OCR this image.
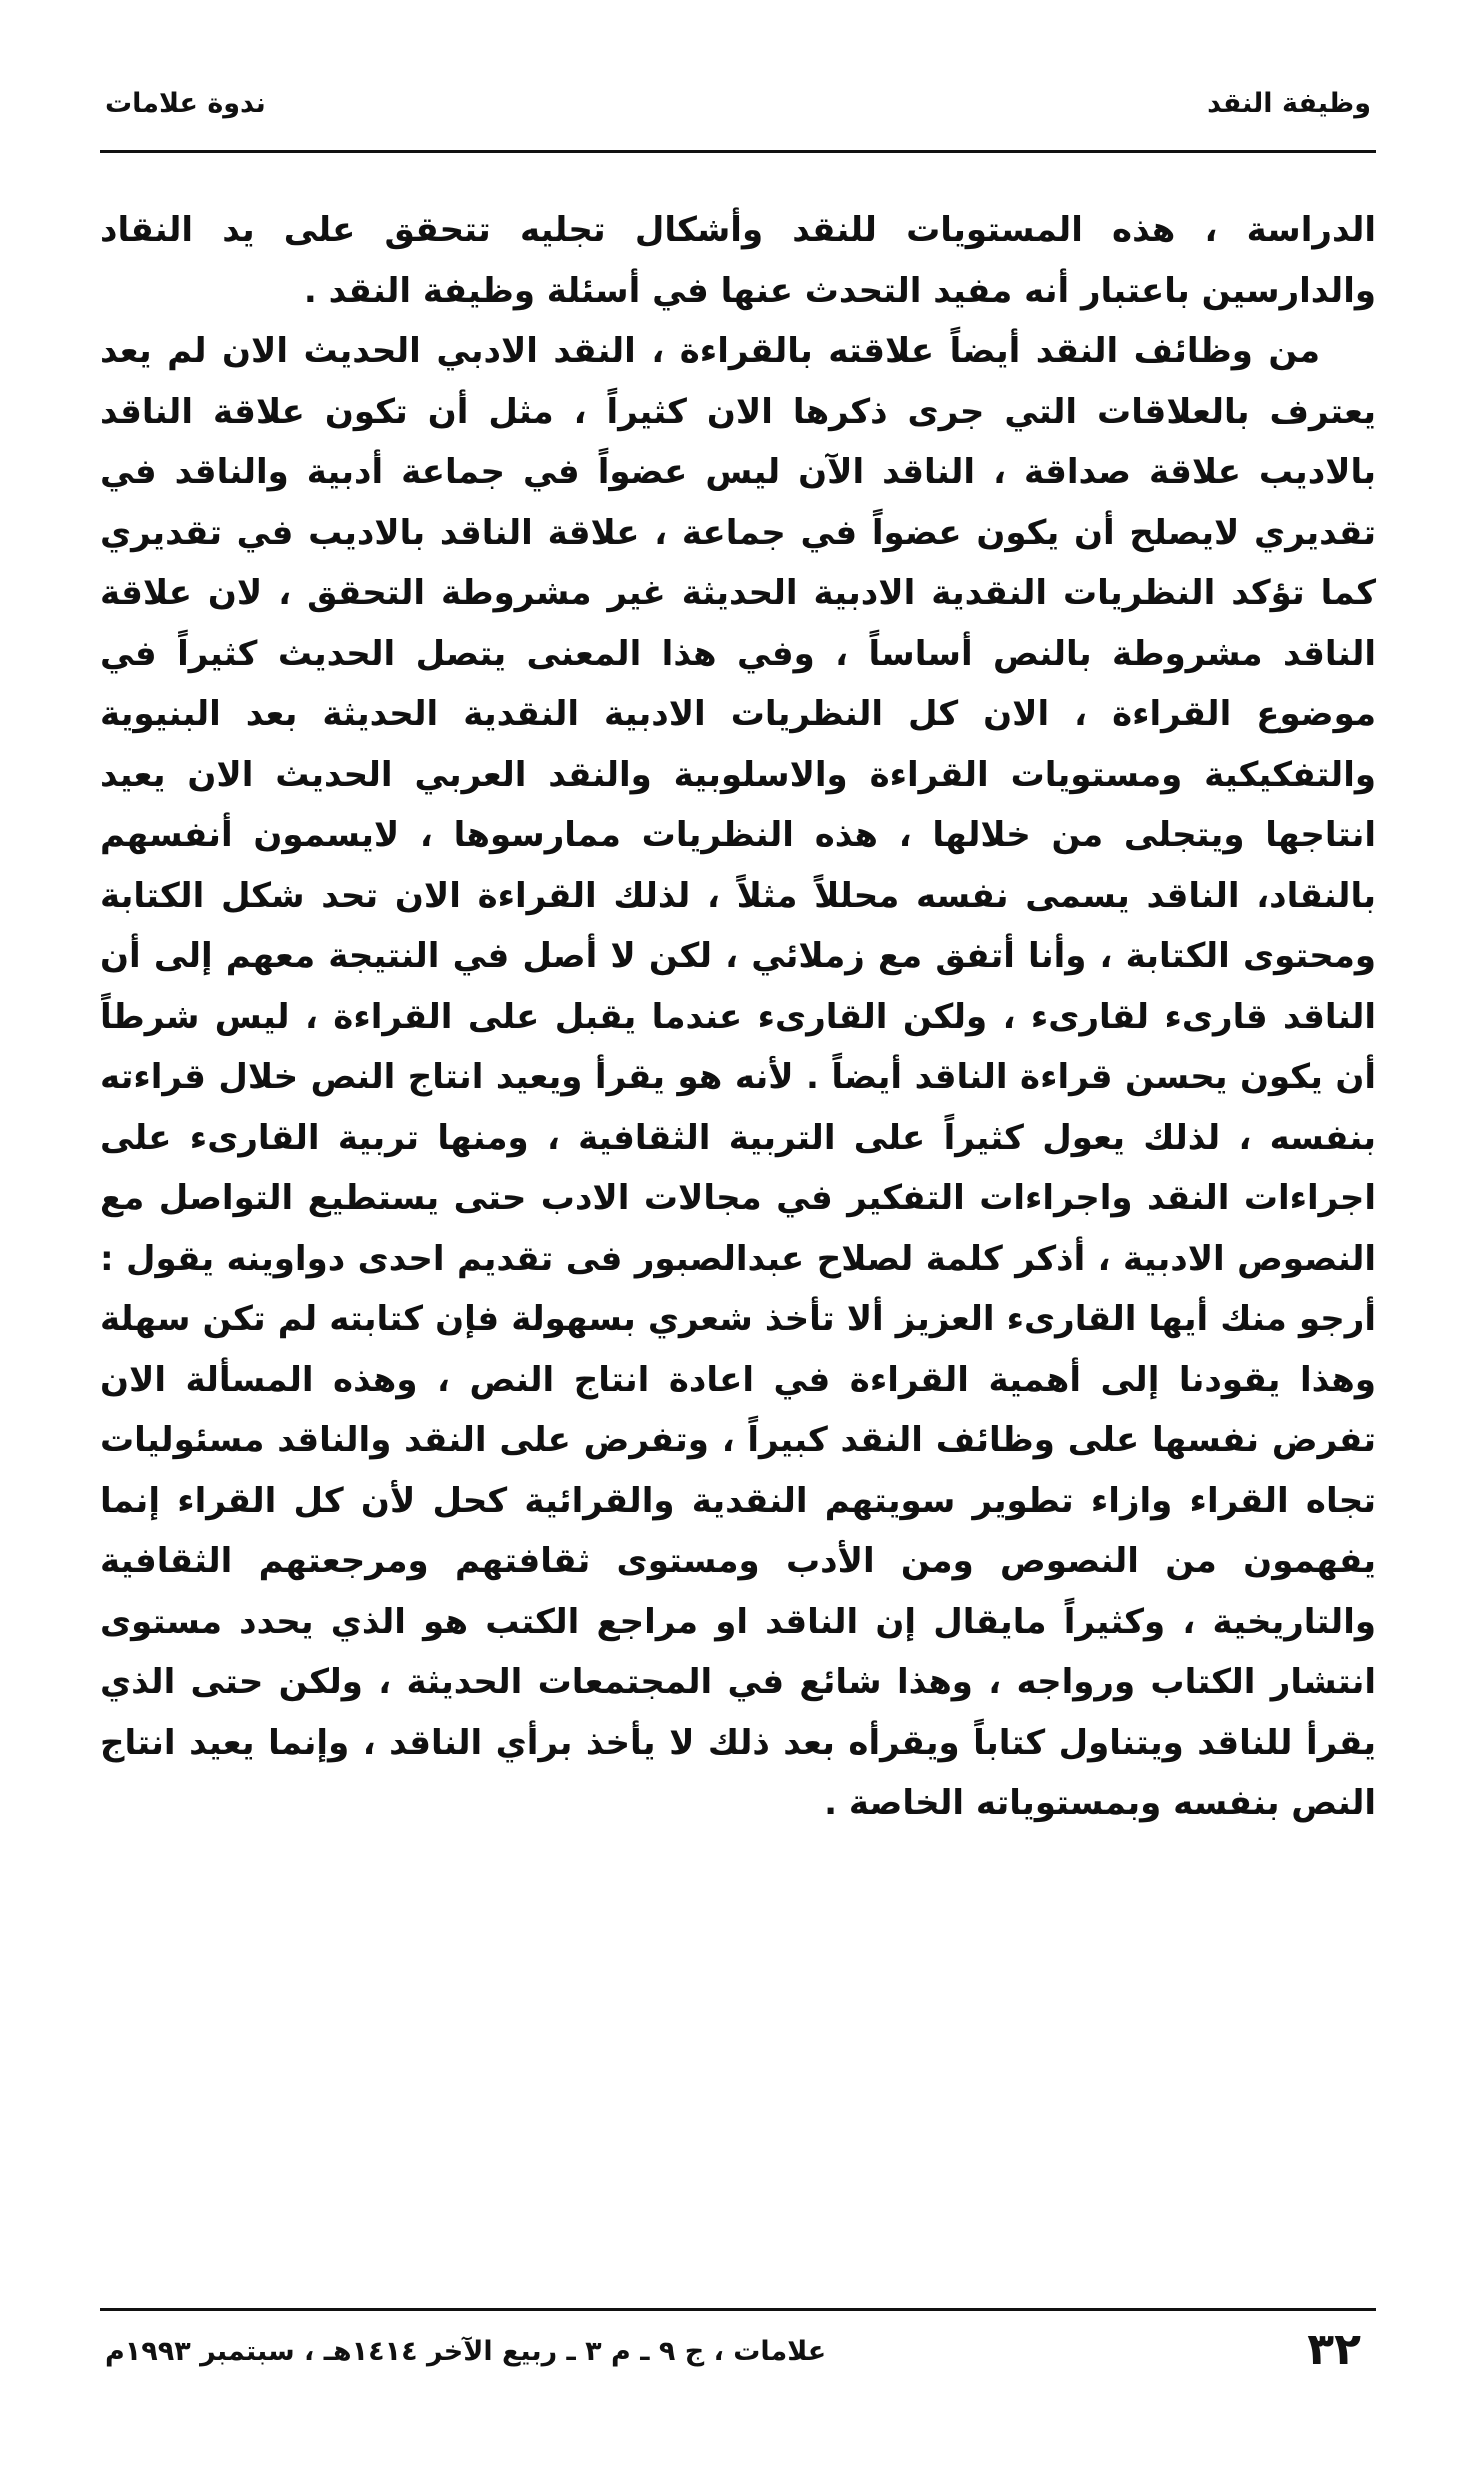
وظيفة النقد
ندوة علامات

الدراسة ، هذه المستويات للنقد وأشكال تجليه تتحقق على يد النقاد والدارسين باعتبار أنه مفيد التحدث عنها في أسئلة وظيفة النقد .

من وظائف النقد أيضاً علاقته بالقراءة ، النقد الادبي الحديث الان لم يعد يعترف بالعلاقات التي جرى ذكرها الان كثيراً ، مثل أن تكون علاقة الناقد بالاديب علاقة صداقة ، الناقد الآن ليس عضواً في جماعة أدبية والناقد في تقديري لايصلح أن يكون عضواً في جماعة ، علاقة الناقد بالاديب في تقديري كما تؤكد النظريات النقدية الادبية الحديثة غير مشروطة التحقق ، لان علاقة الناقد مشروطة بالنص أساساً ، وفي هذا المعنى يتصل الحديث كثيراً في موضوع القراءة ، الان كل النظريات الادبية النقدية الحديثة بعد البنيوية والتفكيكية ومستويات القراءة والاسلوبية والنقد العربي الحديث الان يعيد انتاجها ويتجلى من خلالها ، هذه النظريات ممارسوها ، لايسمون أنفسهم بالنقاد، الناقد يسمى نفسه محللاً مثلاً ، لذلك القراءة الان تحد شكل الكتابة ومحتوى الكتابة ، وأنا أتفق مع زملائي ، لكن لا أصل في النتيجة معهم إلى أن الناقد قارىء لقارىء ، ولكن القارىء عندما يقبل على القراءة ، ليس شرطاً أن يكون يحسن قراءة الناقد أيضاً . لأنه هو يقرأ ويعيد انتاج النص خلال قراءته بنفسه ، لذلك يعول كثيراً على التربية الثقافية ، ومنها تربية القارىء على اجراءات النقد واجراءات التفكير في مجالات الادب حتى يستطيع التواصل مع النصوص الادبية ، أذكر كلمة لصلاح عبدالصبور فى تقديم احدى دواوينه يقول : أرجو منك أيها القارىء العزيز ألا تأخذ شعري بسهولة فإن كتابته لم تكن سهلة وهذا يقودنا إلى أهمية القراءة في اعادة انتاج النص ، وهذه المسألة الان تفرض نفسها على وظائف النقد كبيراً ، وتفرض على النقد والناقد مسئوليات تجاه القراء وازاء تطوير سويتهم النقدية والقرائية كحل لأن كل القراء إنما يفهمون من النصوص ومن الأدب ومستوى ثقافتهم ومرجعتهم الثقافية والتاريخية ، وكثيراً مايقال إن الناقد او مراجع الكتب هو الذي يحدد مستوى انتشار الكتاب ورواجه ، وهذا شائع في المجتمعات الحديثة ، ولكن حتى الذي يقرأ للناقد ويتناول كتاباً ويقرأه بعد ذلك لا يأخذ برأي الناقد ، وإنما يعيد انتاج النص بنفسه وبمستوياته الخاصة .

٣٢
علامات ، ج ٩ ـ م ٣ ـ ربيع الآخر ١٤١٤هـ ، سبتمبر ١٩٩٣م
